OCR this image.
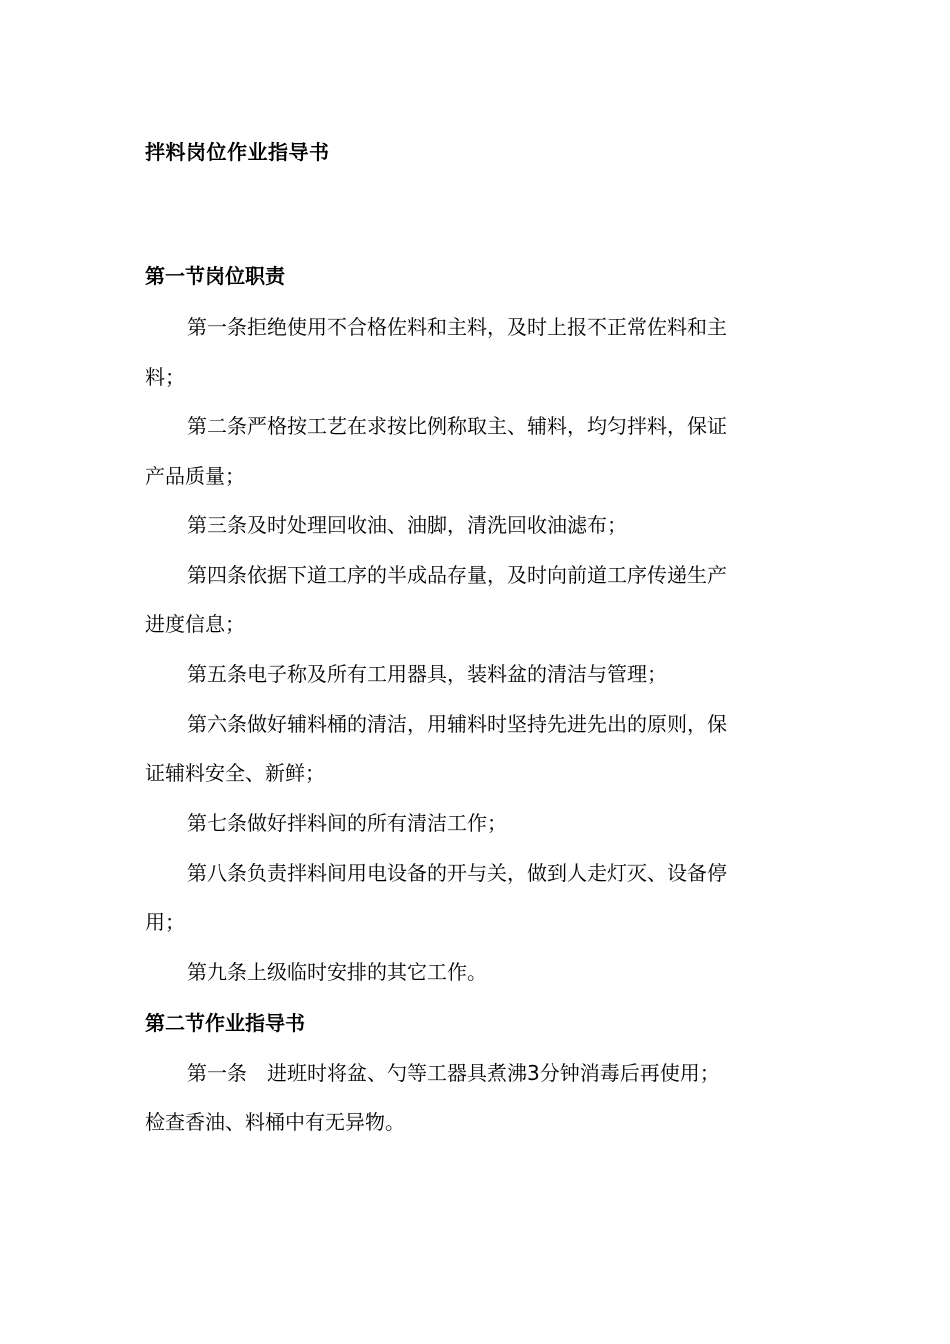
拌料岗位作业指导书
第一节岗位职责
第一条拒绝使用不合格佐料和主料，及时上报不正常佐料和主
料；
第二条严格按工艺在求按比例称取主、辅料，均匀拌料，保证
产品质量；
第三条及时处理回收油、油脚，清洗回收油滤布；
第四条依据下道工序的半成品存量，及时向前道工序传递生产
进度信息；
第五条电子称及所有工用器具，装料盆的清洁与管理；
第六条做好辅料桶的清洁，用辅料时坚持先进先出的原则，保
证辅料安全、新鲜；
第七条做好拌料间的所有清洁工作；
第八条负责拌料间用电设备的开与关，做到人走灯灭、设备停
用；
第九条上级临时安排的其它工作。
第二节作业指导书
第一条 进班时将盆、勺等工器具煮沸3分钟消毒后再使用；
检查香油、料桶中有无异物。
